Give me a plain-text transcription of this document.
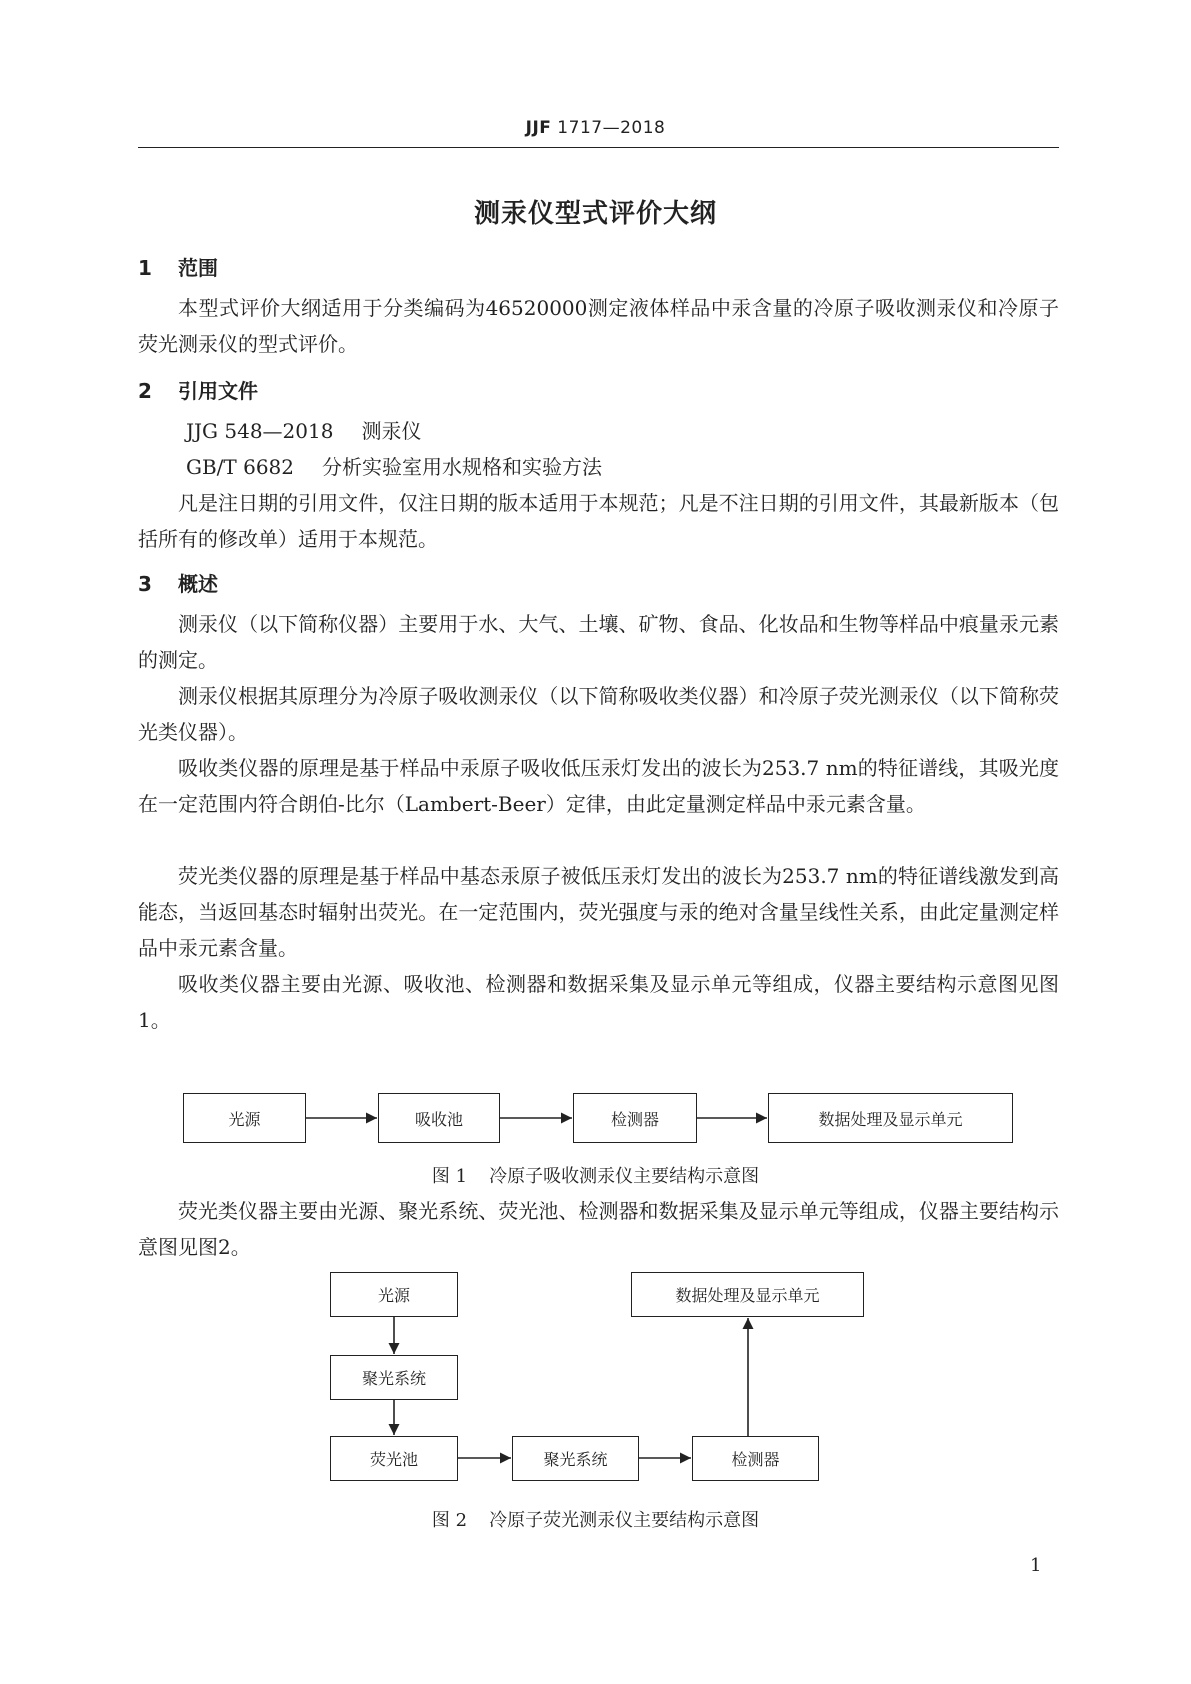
JJF 1717—2018
测汞仪型式评价大纲
1 范围
本型式评价大纲适用于分类编码为46520000测定液体样品中汞含量的冷原子吸收测汞仪和冷原子荧光测汞仪的型式评价。
2 引用文件
JJG 548—2018 测汞仪
GB/T 6682 分析实验室用水规格和实验方法
凡是注日期的引用文件，仅注日期的版本适用于本规范；凡是不注日期的引用文件，其最新版本（包括所有的修改单）适用于本规范。
3 概述
测汞仪（以下简称仪器）主要用于水、大气、土壤、矿物、食品、化妆品和生物等样品中痕量汞元素的测定。
测汞仪根据其原理分为冷原子吸收测汞仪（以下简称吸收类仪器）和冷原子荧光测汞仪（以下简称荧光类仪器）。
吸收类仪器的原理是基于样品中汞原子吸收低压汞灯发出的波长为253.7 nm的特征谱线，其吸光度在一定范围内符合朗伯-比尔（Lambert-Beer）定律，由此定量测定样品中汞元素含量。
荧光类仪器的原理是基于样品中基态汞原子被低压汞灯发出的波长为253.7 nm的特征谱线激发到高能态，当返回基态时辐射出荧光。在一定范围内，荧光强度与汞的绝对含量呈线性关系，由此定量测定样品中汞元素含量。
吸收类仪器主要由光源、吸收池、检测器和数据采集及显示单元等组成，仪器主要结构示意图见图1。
光源	吸收池	检测器	数据处理及显示单元
图 1 冷原子吸收测汞仪主要结构示意图
荧光类仪器主要由光源、聚光系统、荧光池、检测器和数据采集及显示单元等组成，仪器主要结构示意图见图2。
光源
聚光系统
荧光池	聚光系统	检测器
数据处理及显示单元
图 2 冷原子荧光测汞仪主要结构示意图
1
